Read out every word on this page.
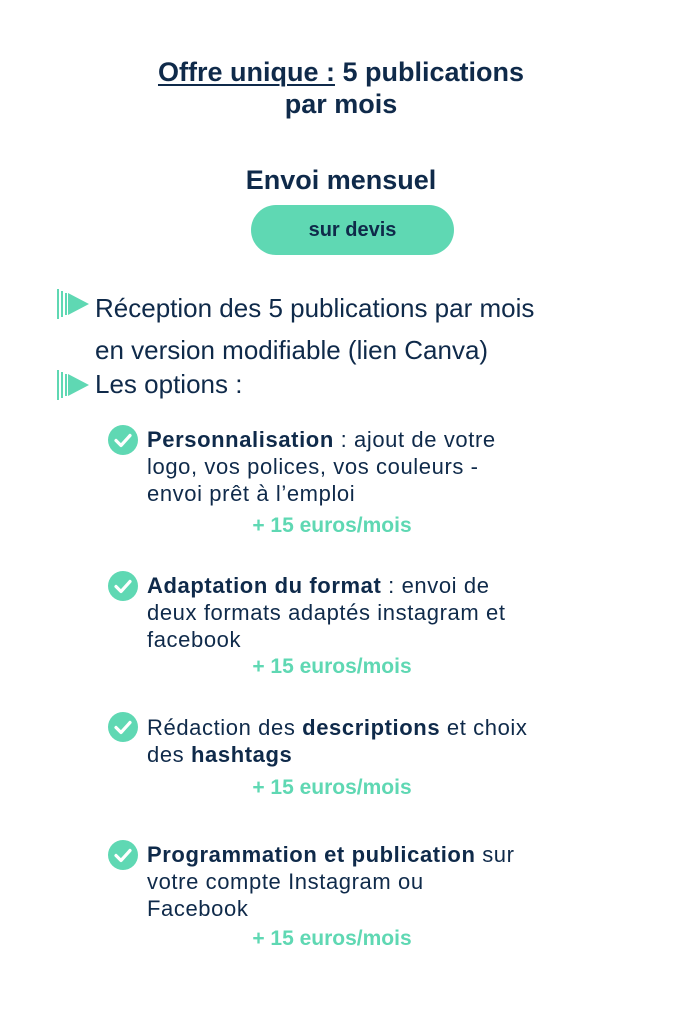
Offre unique : 5 publications
par mois
Envoi mensuel
sur devis
Réception des 5 publications par mois
en version modifiable (lien Canva)
Les options :
Personnalisation : ajout de votre
logo, vos polices, vos couleurs -
envoi prêt à l’emploi
+ 15 euros/mois
Adaptation du format : envoi de
deux formats adaptés instagram et
facebook
+ 15 euros/mois
Rédaction des descriptions et choix
des hashtags
+ 15 euros/mois
Programmation et publication sur
votre compte Instagram ou
Facebook
+ 15 euros/mois
